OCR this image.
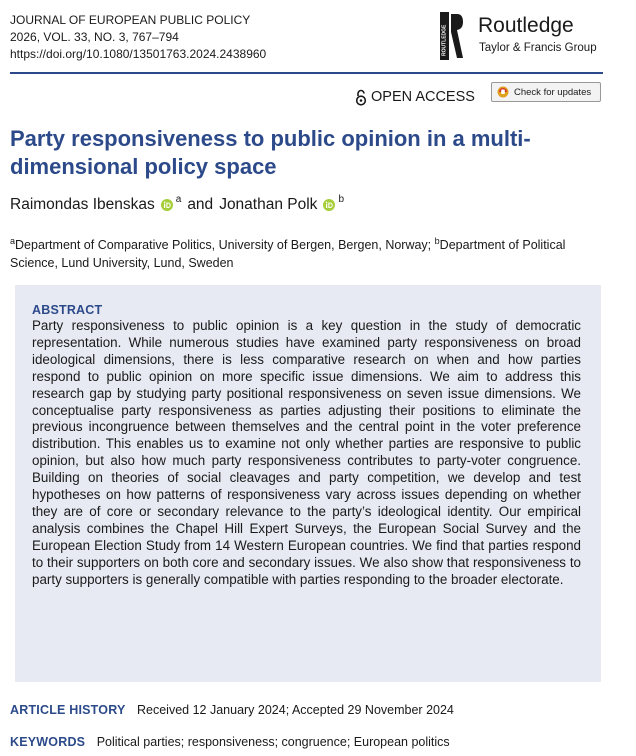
JOURNAL OF EUROPEAN PUBLIC POLICY
2026, VOL. 33, NO. 3, 767–794
https://doi.org/10.1080/13501763.2024.2438960	ROUTLEDGE Routledge
Taylor & Francis Group
OPEN ACCESS	Check for updates
Party responsiveness to public opinion in a multi-dimensional policy space
Raimondas Ibenskas $^a$ and Jonathan Polk $^b$
$^a$Department of Comparative Politics, University of Bergen, Bergen, Norway; $^b$Department of Political Science, Lund University, Lund, Sweden
ABSTRACT

Party responsiveness to public opinion is a key question in the study of democratic representation. While numerous studies have examined party responsiveness on broad ideological dimensions, there is less comparative research on when and how parties respond to public opinion on more specific issue dimensions. We aim to address this research gap by studying party positional responsiveness on seven issue dimensions. We conceptualise party responsiveness as parties adjusting their positions to eliminate the previous incongruence between themselves and the central point in the voter preference distribution. This enables us to examine not only whether parties are responsive to public opinion, but also how much party responsiveness contributes to party-voter congruence. Building on theories of social cleavages and party competition, we develop and test hypotheses on how patterns of responsiveness vary across issues depending on whether they are of core or secondary relevance to the party’s ideological identity. Our empirical analysis combines the Chapel Hill Expert Surveys, the European Social Survey and the European Election Study from 14 Western European countries. We find that parties respond to their supporters on both core and secondary issues. We also show that responsiveness to party supporters is generally compatible with parties responding to the broader electorate.

ARTICLE HISTORY Received 12 January 2024; Accepted 29 November 2024
KEYWORDS Political parties; responsiveness; congruence; European politics
